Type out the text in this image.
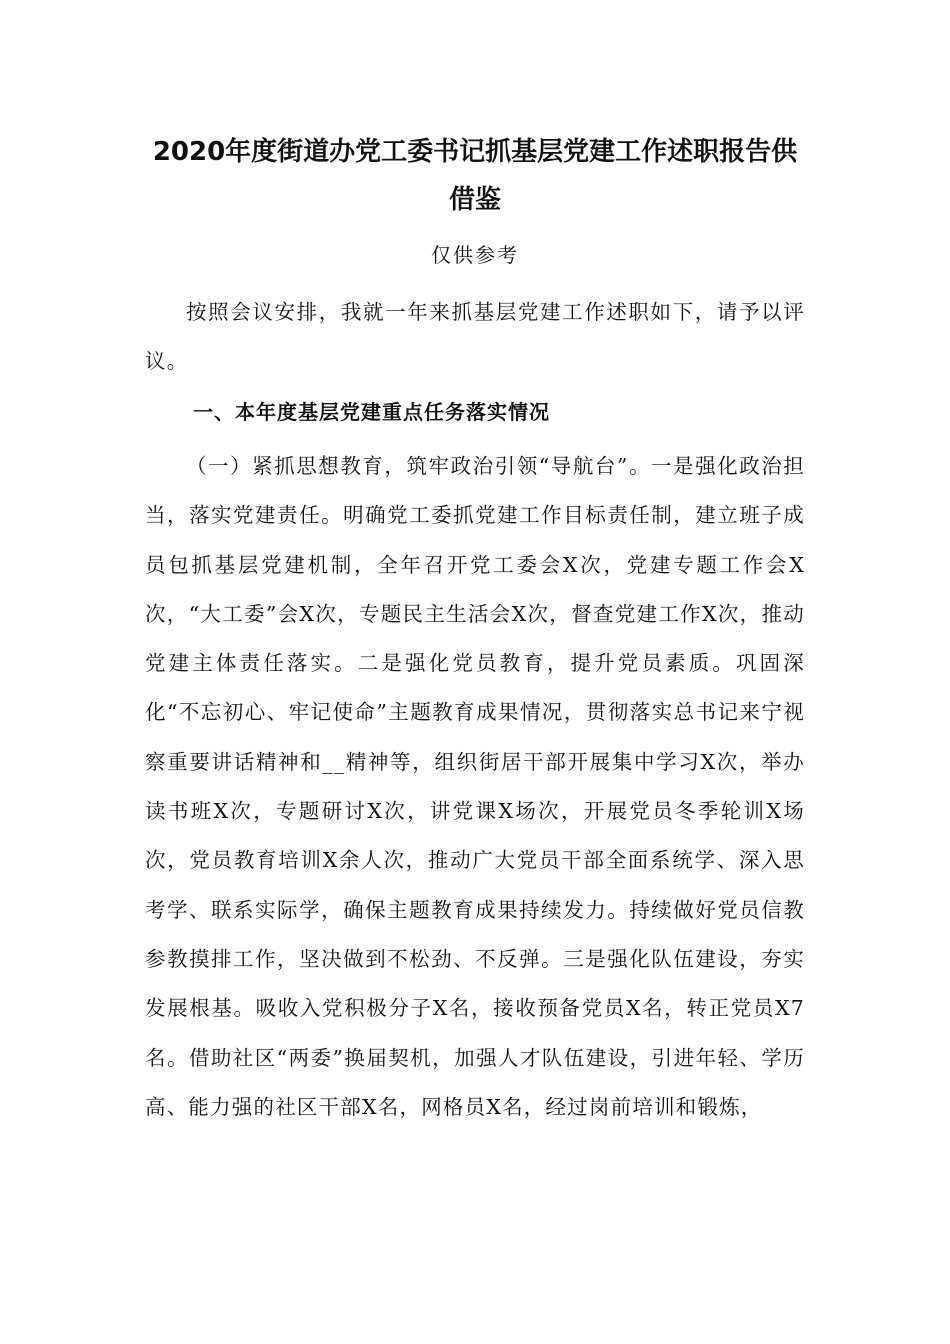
2020年度街道办党工委书记抓基层党建工作述职报告供借鉴
仅供参考

按照会议安排，我就一年来抓基层党建工作述职如下，请予以评议。

一、本年度基层党建重点任务落实情况

（一）紧抓思想教育，筑牢政治引领“导航台”。一是强化政治担当，落实党建责任。明确党工委抓党建工作目标责任制，建立班子成员包抓基层党建机制，全年召开党工委会X次，党建专题工作会X次，“大工委”会X次，专题民主生活会X次，督查党建工作X次，推动党建主体责任落实。二是强化党员教育，提升党员素质。巩固深化“不忘初心、牢记使命”主题教育成果情况，贯彻落实总书记来宁视察重要讲话精神和__精神等，组织街居干部开展集中学习X次，举办读书班X次，专题研讨X次，讲党课X场次，开展党员冬季轮训X场次，党员教育培训X余人次，推动广大党员干部全面系统学、深入思考学、联系实际学，确保主题教育成果持续发力。持续做好党员信教参教摸排工作，坚决做到不松劲、不反弹。三是强化队伍建设，夯实发展根基。吸收入党积极分子X名，接收预备党员X名，转正党员X7名。借助社区“两委”换届契机，加强人才队伍建设，引进年轻、学历高、能力强的社区干部X名，网格员X名，经过岗前培训和锻炼，
